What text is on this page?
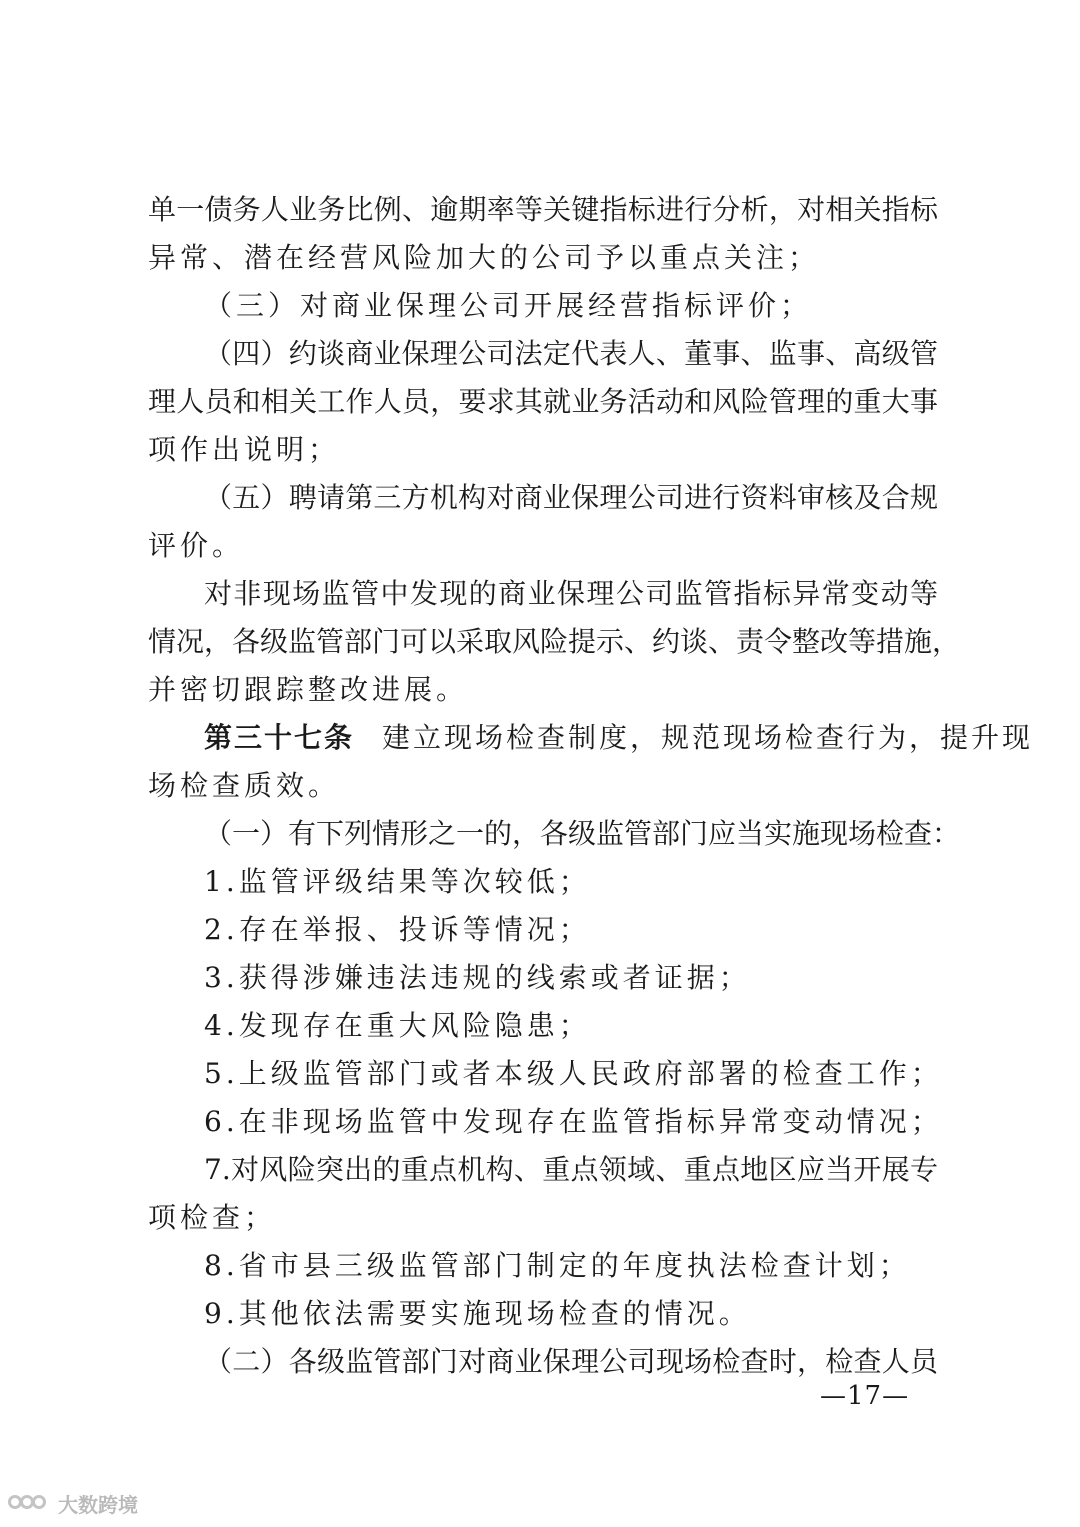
单一债务人业务比例、逾期率等关键指标进行分析，对相关指标
异常、潜在经营风险加大的公司予以重点关注；
（三）对商业保理公司开展经营指标评价；
（四）约谈商业保理公司法定代表人、董事、监事、高级管
理人员和相关工作人员，要求其就业务活动和风险管理的重大事
项作出说明；
（五）聘请第三方机构对商业保理公司进行资料审核及合规
评价。
对非现场监管中发现的商业保理公司监管指标异常变动等
情况，各级监管部门可以采取风险提示、约谈、责令整改等措施，
并密切跟踪整改进展。
第三十七条 建立现场检查制度，规范现场检查行为，提升现
场检查质效。
（一）有下列情形之一的，各级监管部门应当实施现场检查：
1.监管评级结果等次较低；
2.存在举报、投诉等情况；
3.获得涉嫌违法违规的线索或者证据；
4.发现存在重大风险隐患；
5.上级监管部门或者本级人民政府部署的检查工作；
6.在非现场监管中发现存在监管指标异常变动情况；
7.对风险突出的重点机构、重点领域、重点地区应当开展专
项检查；
8.省市县三级监管部门制定的年度执法检查计划；
9.其他依法需要实施现场检查的情况。
（二）各级监管部门对商业保理公司现场检查时，检查人员
—17—
大数跨境
